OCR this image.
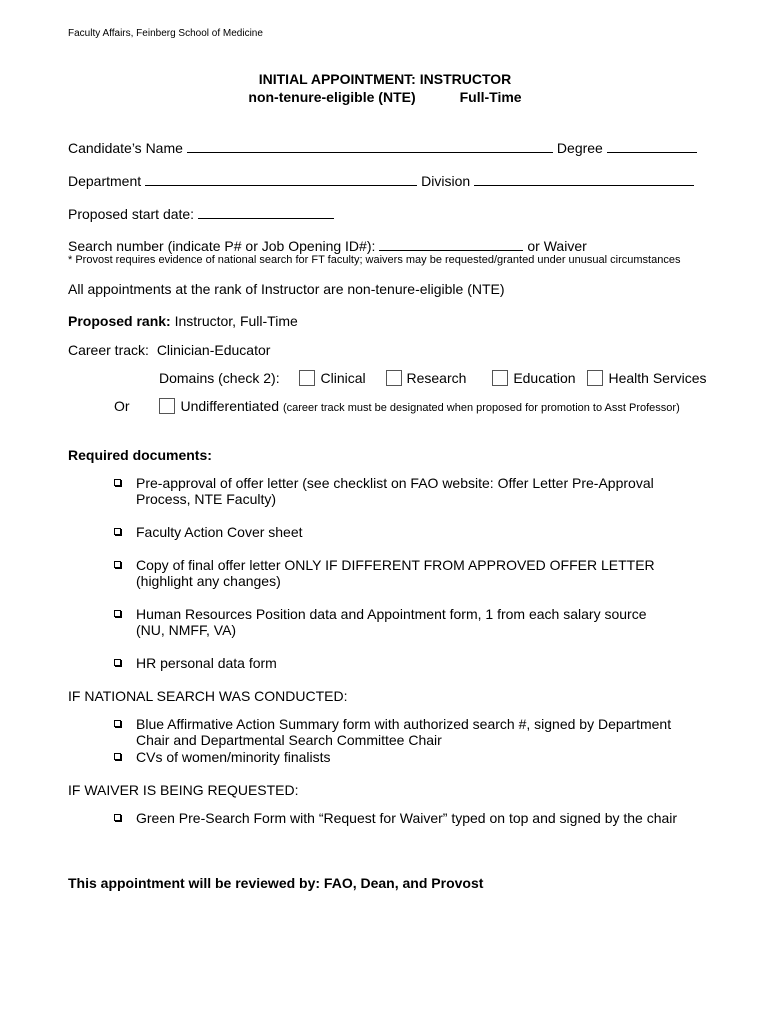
Faculty Affairs, Feinberg School of Medicine
INITIAL APPOINTMENT: INSTRUCTOR
non-tenure-eligible (NTE)	Full-Time
Candidate’s Name	Degree
Department	Division
Proposed start date:
Search number (indicate P# or Job Opening ID#):	or Waiver
* Provost requires evidence of national search for FT faculty; waivers may be requested/granted under unusual circumstances
All appointments at the rank of Instructor are non-tenure-eligible (NTE)
Proposed rank: Instructor, Full-Time
Career track: Clinician-Educator
Domains (check 2):	Clinical	Research	Education Health Services
Or	Undifferentiated (career track must be designated when proposed for promotion to Asst Professor)
Required documents:
Pre-approval of offer letter (see checklist on FAO website: Offer Letter Pre-Approval Process, NTE Faculty)
Faculty Action Cover sheet
Copy of final offer letter ONLY IF DIFFERENT FROM APPROVED OFFER LETTER (highlight any changes)
Human Resources Position data and Appointment form, 1 from each salary source (NU, NMFF, VA)
HR personal data form
IF NATIONAL SEARCH WAS CONDUCTED:
Blue Affirmative Action Summary form with authorized search #, signed by Department Chair and Departmental Search Committee Chair
CVs of women/minority finalists
IF WAIVER IS BEING REQUESTED:
Green Pre-Search Form with “Request for Waiver” typed on top and signed by the chair
This appointment will be reviewed by: FAO, Dean, and Provost
